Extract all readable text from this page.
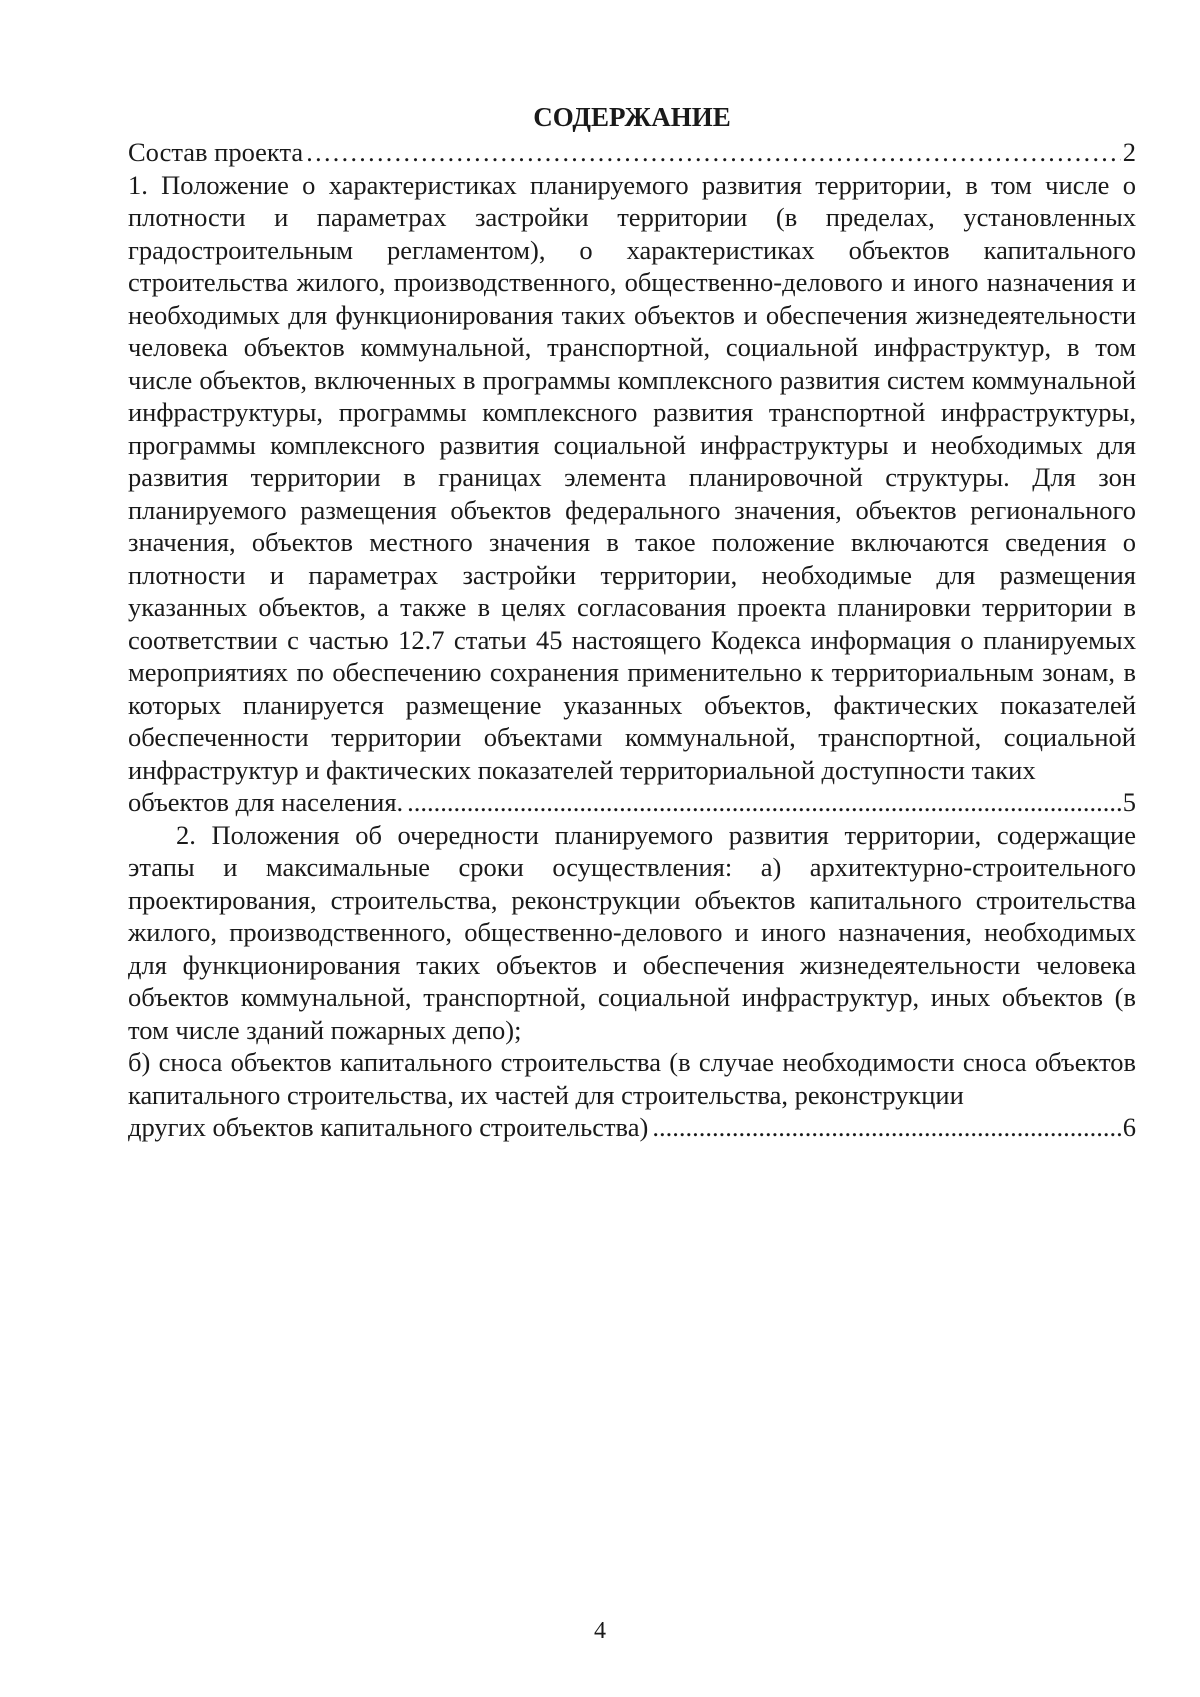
СОДЕРЖАНИЕ
Состав проекта …………………………………………………………………………………………………………………………………………………………………………………………	2
1. Положение о характеристиках планируемого развития территории, в том числе о плотности и параметрах застройки территории (в пределах, установленных градостроительным регламентом), о характеристиках объектов капитального строительства жилого, производственного, общественно-делового и иного назначения и необходимых для функционирования таких объектов и обеспечения жизнедеятельности человека объектов коммунальной, транспортной, социальной инфраструктур, в том числе объектов, включенных в программы комплексного развития систем коммунальной инфраструктуры, программы комплексного развития транспортной инфраструктуры, программы комплексного развития социальной инфраструктуры и необходимых для развития территории в границах элемента планировочной структуры. Для зон планируемого размещения объектов федерального значения, объектов регионального значения, объектов местного значения в такое положение включаются сведения о плотности и параметрах застройки территории, необходимые для размещения указанных объектов, а также в целях согласования проекта планировки территории в соответствии с частью 12.7 статьи 45 настоящего Кодекса информация о планируемых мероприятиях по обеспечению сохранения применительно к территориальным зонам, в которых планируется размещение указанных объектов, фактических показателей обеспеченности территории объектами коммунальной, транспортной, социальной инфраструктур и фактических показателей территориальной доступности таких
объектов для населения. .....	5
2. Положения об очередности планируемого развития территории, содержащие этапы и максимальные сроки осуществления: а) архитектурно-строительного проектирования, строительства, реконструкции объектов капитального строительства жилого, производственного, общественно-делового и иного назначения, необходимых для функционирования таких объектов и обеспечения жизнедеятельности человека объектов коммунальной, транспортной, социальной инфраструктур, иных объектов (в том числе зданий пожарных депо);
б) сноса объектов капитального строительства (в случае необходимости сноса объектов капитального строительства, их частей для строительства, реконструкции
других объектов капитального строительства) .....	6
4
